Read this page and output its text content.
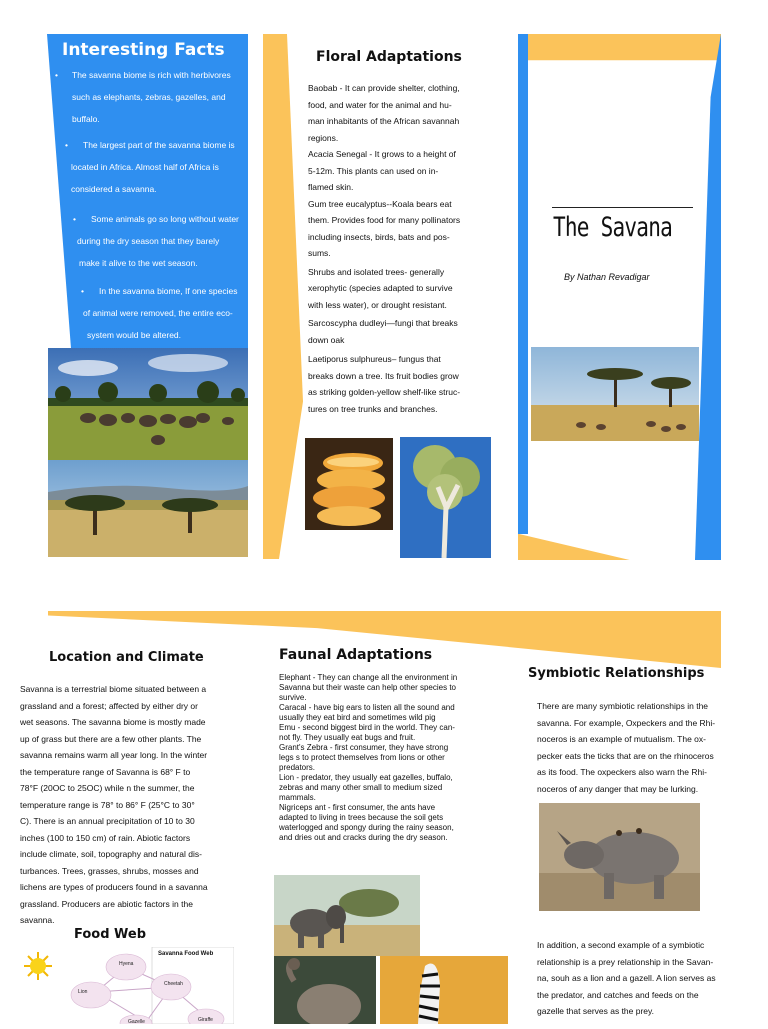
Interesting Facts
• The savanna biome is rich with herbivores
such as elephants, zebras, gazelles, and
buffalo.
• The largest part of the savanna biome is
located in Africa. Almost half of Africa is
considered a savanna.
• Some animals go so long without water
during the dry season that they barely
make it alive to the wet season.
• In the savanna biome, If one species
of animal were removed, the entire eco-
system would be altered.
Floral Adaptations
Baobab - It can provide shelter, clothing,
food, and water for the animal and hu-
man inhabitants of the African savannah
regions.
Acacia Senegal - It grows to a height of
5-12m. This plants can used on in-
flamed skin.
Gum tree eucalyptus--Koala bears eat
them. Provides food for many pollinators
including insects, birds, bats and pos-
sums.
Shrubs and isolated trees- generally
xerophytic (species adapted to survive
with less water), or drought resistant.
Sarcoscypha dudleyi—fungi that breaks
down oak
Laetiporus sulphureus– fungus that
breaks down a tree. Its fruit bodies grow
as striking golden-yellow shelf-like struc-
tures on tree trunks and branches.
The Savana
By Nathan Revadigar
Location and Climate
Savanna is a terrestrial biome situated between a
grassland and a forest; affected by either dry or
wet seasons. The savanna biome is mostly made
up of grass but there are a few other plants. The
savanna remains warm all year long. In the winter
the temperature range of Savanna is 68° F to
78°F (20OC to 25OC) while n the summer, the
temperature range is 78° to 86° F (25°C to 30°
C). There is an annual precipitation of 10 to 30
inches (100 to 150 cm) of rain. Abiotic factors
include climate, soil, topography and natural dis-
turbances. Trees, grasses, shrubs, mosses and
lichens are types of producers found in a savanna
grassland. Producers are abiotic factors in the
savanna.
Food Web
Savanna Food Web
Hyena
Cheetah
Lion
Giraffe
Gazelle
Faunal Adaptations
Elephant - They can change all the environment in
Savanna but their waste can help other species to
survive.
Caracal - have big ears to listen all the sound and
usually they eat bird and sometimes wild pig
Emu - second biggest bird in the world. They can-
not fly. They usually eat bugs and fruit.
Grant's Zebra - first consumer, they have strong
legs s to protect themselves from lions or other
predators.
Lion - predator, they usually eat gazelles, buffalo,
zebras and many other small to medium sized
mammals.
Nigriceps ant - first consumer, the ants have
adapted to living in trees because the soil gets
waterlogged and spongy during the rainy season,
and dries out and cracks during the dry season.
Symbiotic Relationships
There are many symbiotic relationships in the
savanna. For example, Oxpeckers and the Rhi-
noceros is an example of mutualism. The ox-
pecker eats the ticks that are on the rhinoceros
as its food. The oxpeckers also warn the Rhi-
noceros of any danger that may be lurking.
In addition, a second example of a symbiotic
relationship is a prey relationship in the Savan-
na, souh as a lion and a gazell. A lion serves as
the predator, and catches and feeds on the
gazelle that serves as the prey.
